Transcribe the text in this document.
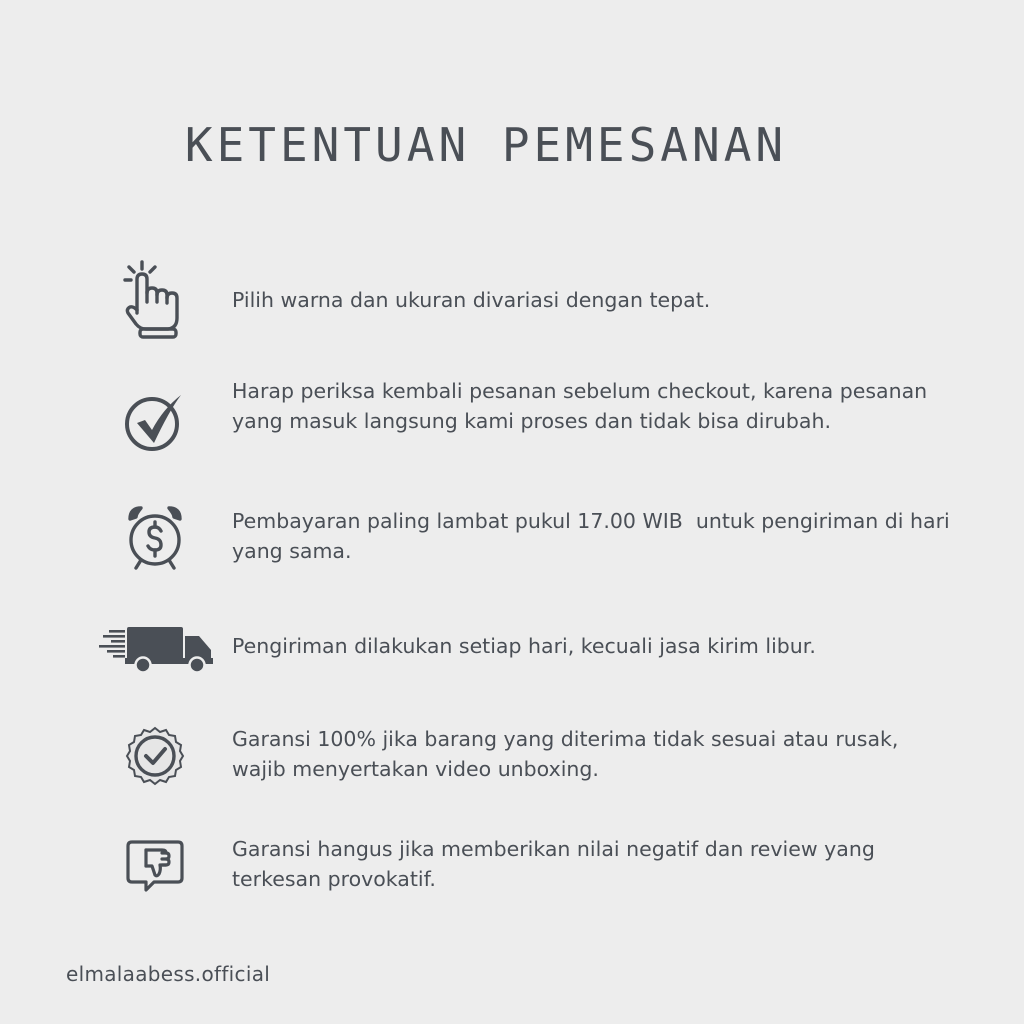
KETENTUAN PEMESANAN
Pilih warna dan ukuran divariasi dengan tepat.
Harap periksa kembali pesanan sebelum checkout, karena pesanan yang masuk langsung kami proses dan tidak bisa dirubah.
Pembayaran paling lambat pukul 17.00 WIB  untuk pengiriman di hari yang sama.
Pengiriman dilakukan setiap hari, kecuali jasa kirim libur.
Garansi 100% jika barang yang diterima tidak sesuai atau rusak, wajib menyertakan video unboxing.
Garansi hangus jika memberikan nilai negatif dan review yang terkesan provokatif.
elmalaabess.official
